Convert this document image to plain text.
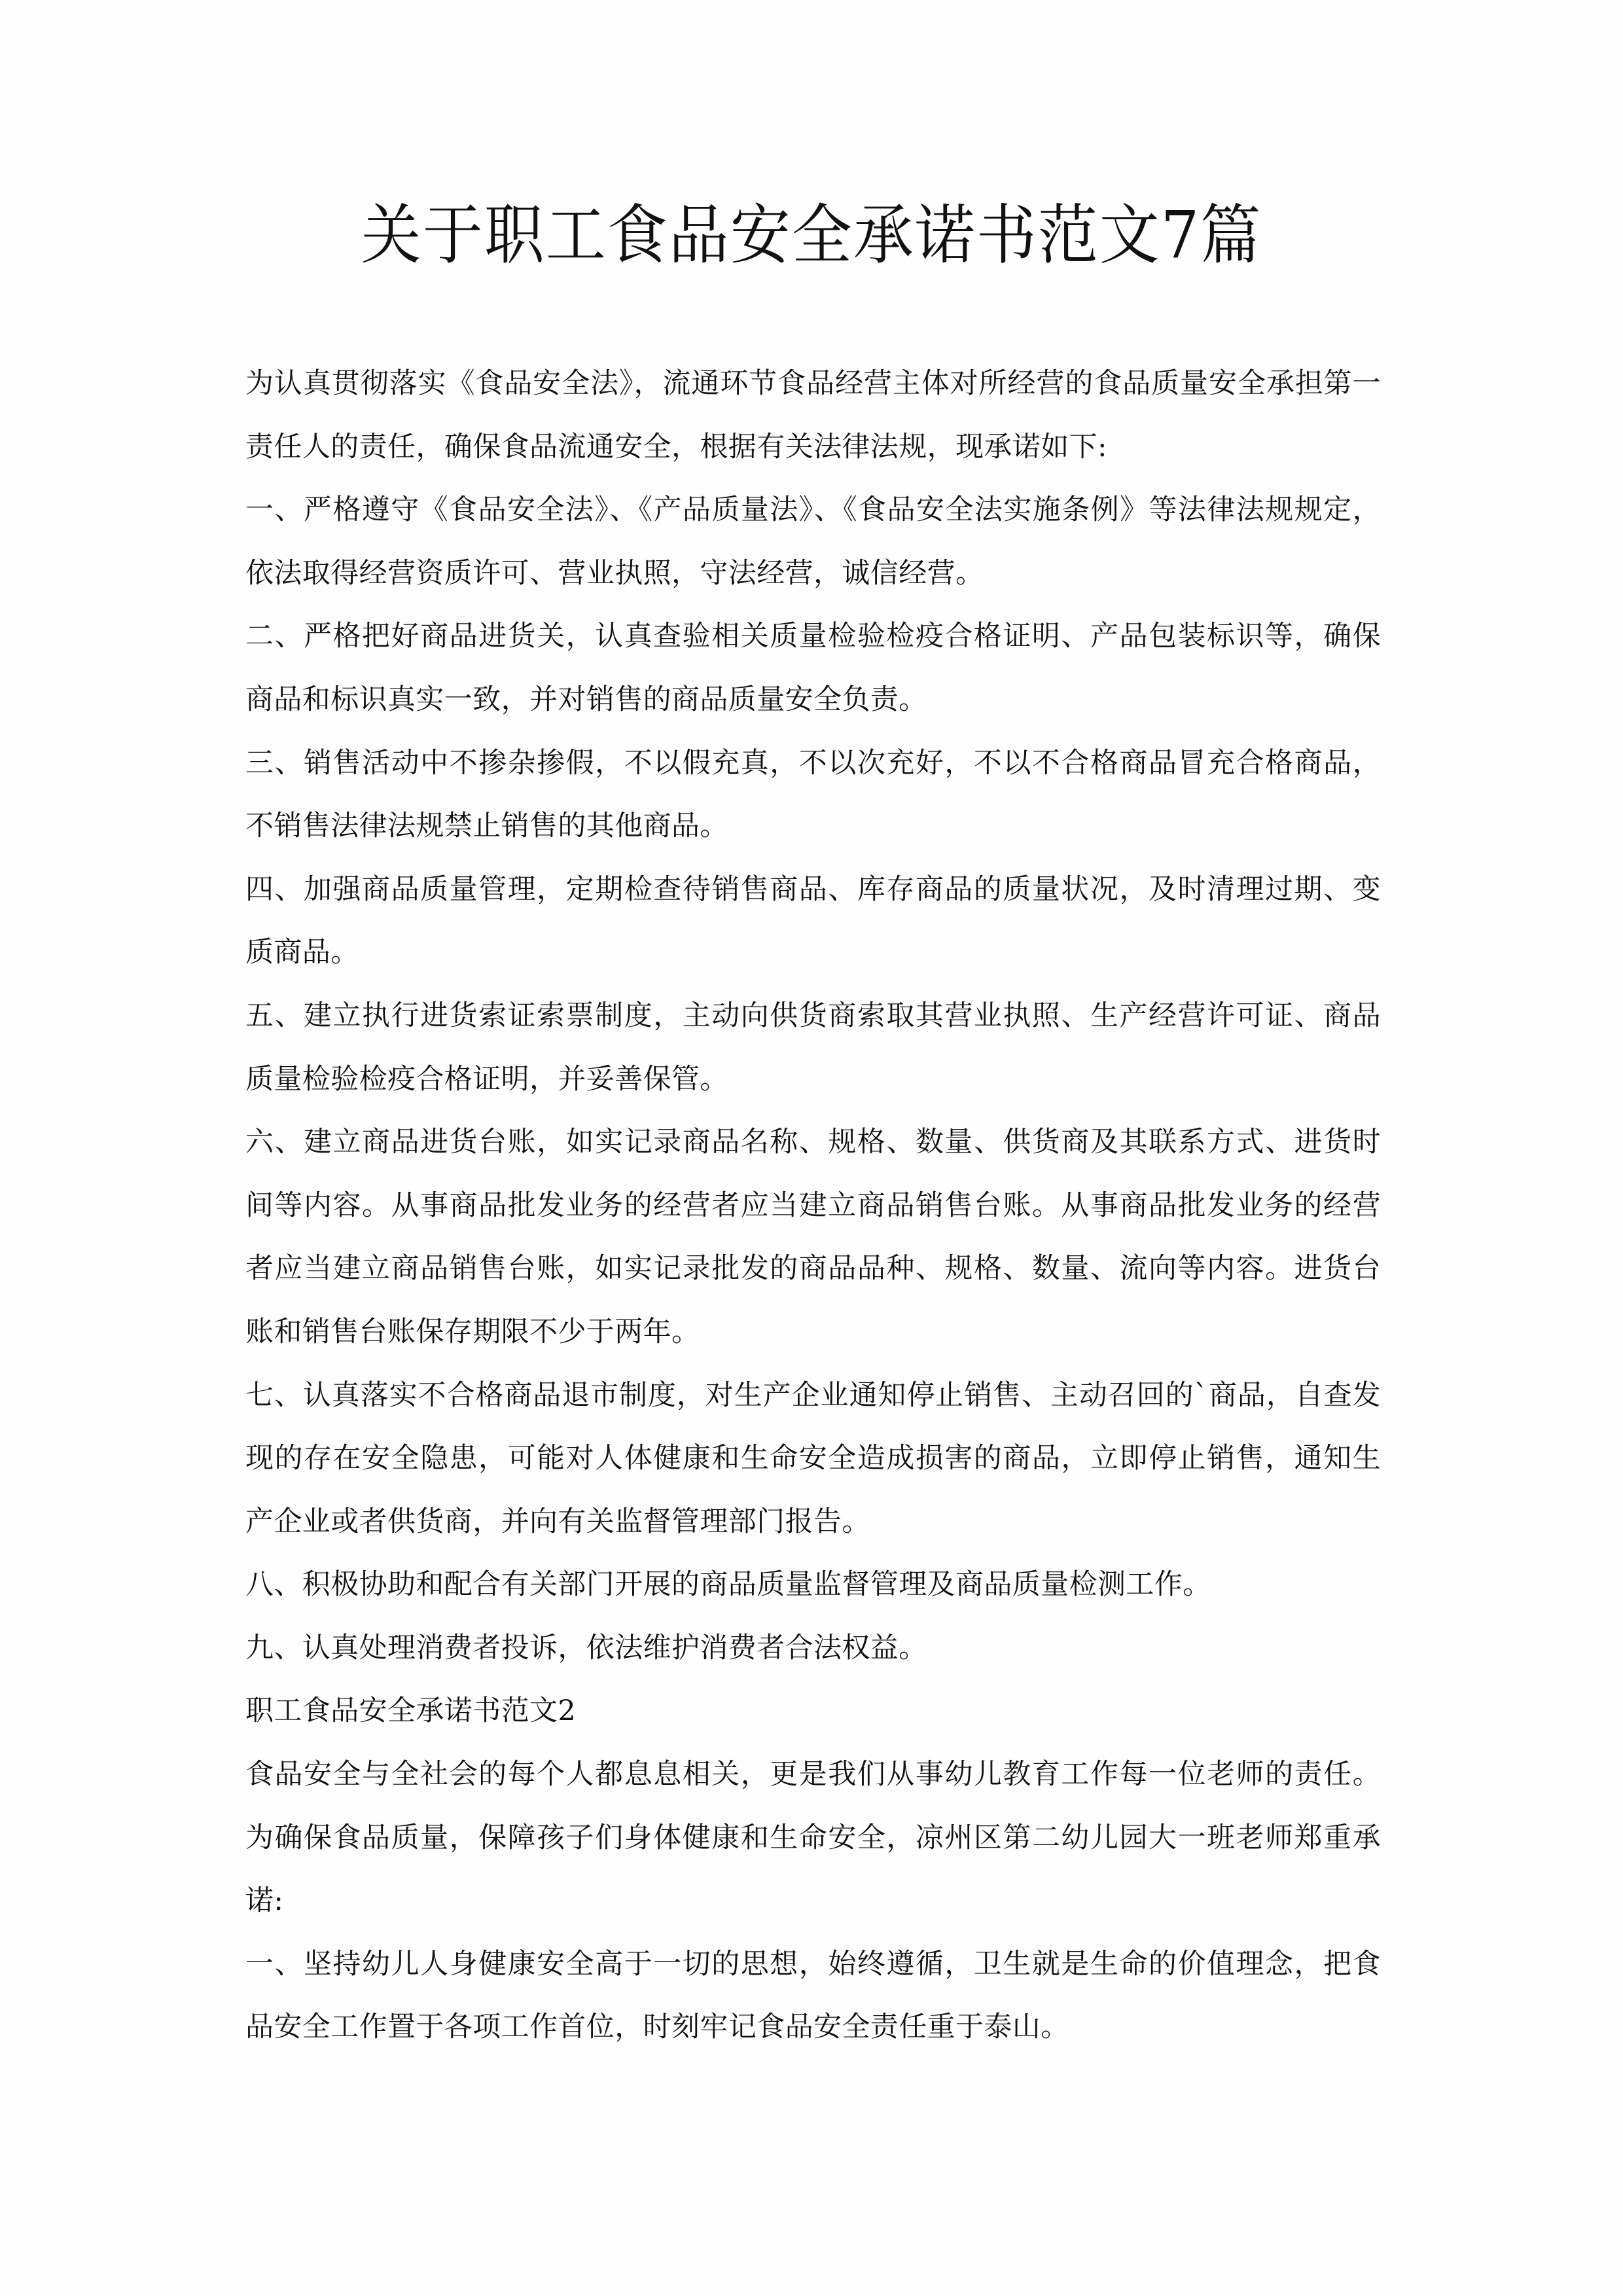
关于职工食品安全承诺书范文7篇

为认真贯彻落实《食品安全法》，流通环节食品经营主体对所经营的食品质量安全承担第一责任人的责任，确保食品流通安全，根据有关法律法规，现承诺如下:

一、严格遵守《食品安全法》、《产品质量法》、《食品安全法实施条例》等法律法规规定，依法取得经营资质许可、营业执照，守法经营，诚信经营。

二、严格把好商品进货关，认真查验相关质量检验检疫合格证明、产品包装标识等，确保商品和标识真实一致，并对销售的商品质量安全负责。

三、销售活动中不掺杂掺假，不以假充真，不以次充好，不以不合格商品冒充合格商品，不销售法律法规禁止销售的其他商品。

四、加强商品质量管理，定期检查待销售商品、库存商品的质量状况，及时清理过期、变质商品。

五、建立执行进货索证索票制度，主动向供货商索取其营业执照、生产经营许可证、商品质量检验检疫合格证明，并妥善保管。

六、建立商品进货台账，如实记录商品名称、规格、数量、供货商及其联系方式、进货时间等内容。从事商品批发业务的经营者应当建立商品销售台账。从事商品批发业务的经营者应当建立商品销售台账，如实记录批发的商品品种、规格、数量、流向等内容。进货台账和销售台账保存期限不少于两年。

七、认真落实不合格商品退市制度，对生产企业通知停止销售、主动召回的`商品，自查发现的存在安全隐患，可能对人体健康和生命安全造成损害的商品，立即停止销售，通知生产企业或者供货商，并向有关监督管理部门报告。

八、积极协助和配合有关部门开展的商品质量监督管理及商品质量检测工作。

九、认真处理消费者投诉，依法维护消费者合法权益。

职工食品安全承诺书范文2

食品安全与全社会的每个人都息息相关，更是我们从事幼儿教育工作每一位老师的责任。为确保食品质量，保障孩子们身体健康和生命安全，凉州区第二幼儿园大一班老师郑重承诺:

一、坚持幼儿人身健康安全高于一切的思想，始终遵循，卫生就是生命的价值理念，把食品安全工作置于各项工作首位，时刻牢记食品安全责任重于泰山。
